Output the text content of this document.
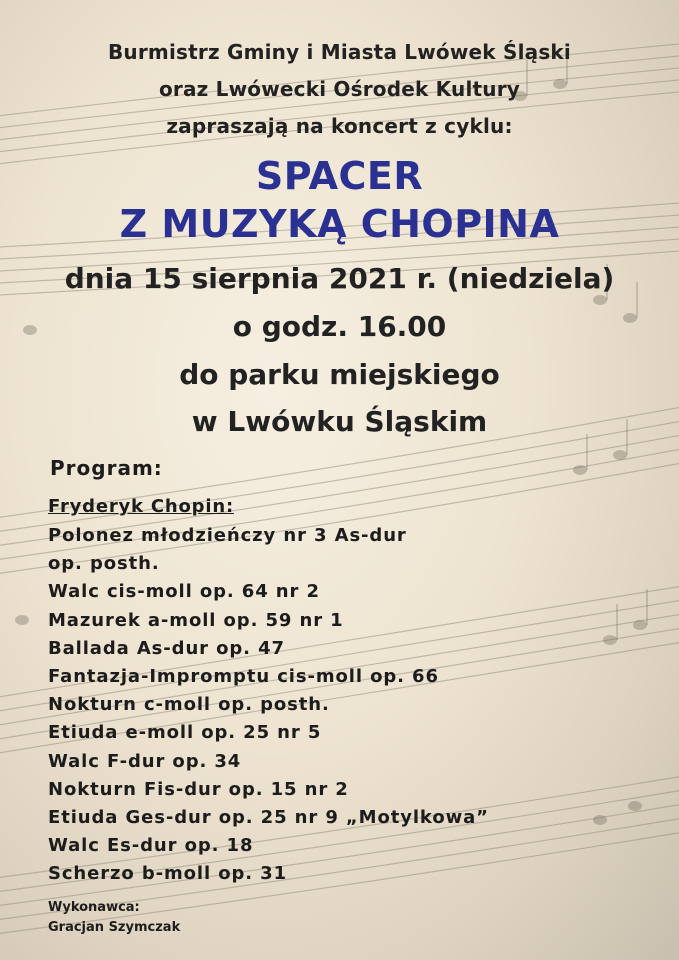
Burmistrz Gminy i Miasta Lwówek Śląski
oraz Lwówecki Ośrodek Kultury
zapraszają na koncert z cyklu:
SPACER
Z MUZYKĄ CHOPINA
dnia 15 sierpnia 2021 r. (niedziela)
o godz. 16.00
do parku miejskiego
w Lwówku Śląskim
Program:
Fryderyk Chopin:
Polonez młodzieńczy nr 3 As-dur
op. posth.
Walc cis-moll op. 64 nr 2
Mazurek a-moll op. 59 nr 1
Ballada As-dur op. 47
Fantazja-Impromptu cis-moll op. 66
Nokturn c-moll op. posth.
Etiuda e-moll op. 25 nr 5
Walc F-dur op. 34
Nokturn Fis-dur op. 15 nr 2
Etiuda Ges-dur op. 25 nr 9 „Motylkowa”
Walc Es-dur op. 18
Scherzo b-moll op. 31
Wykonawca:
Gracjan Szymczak
